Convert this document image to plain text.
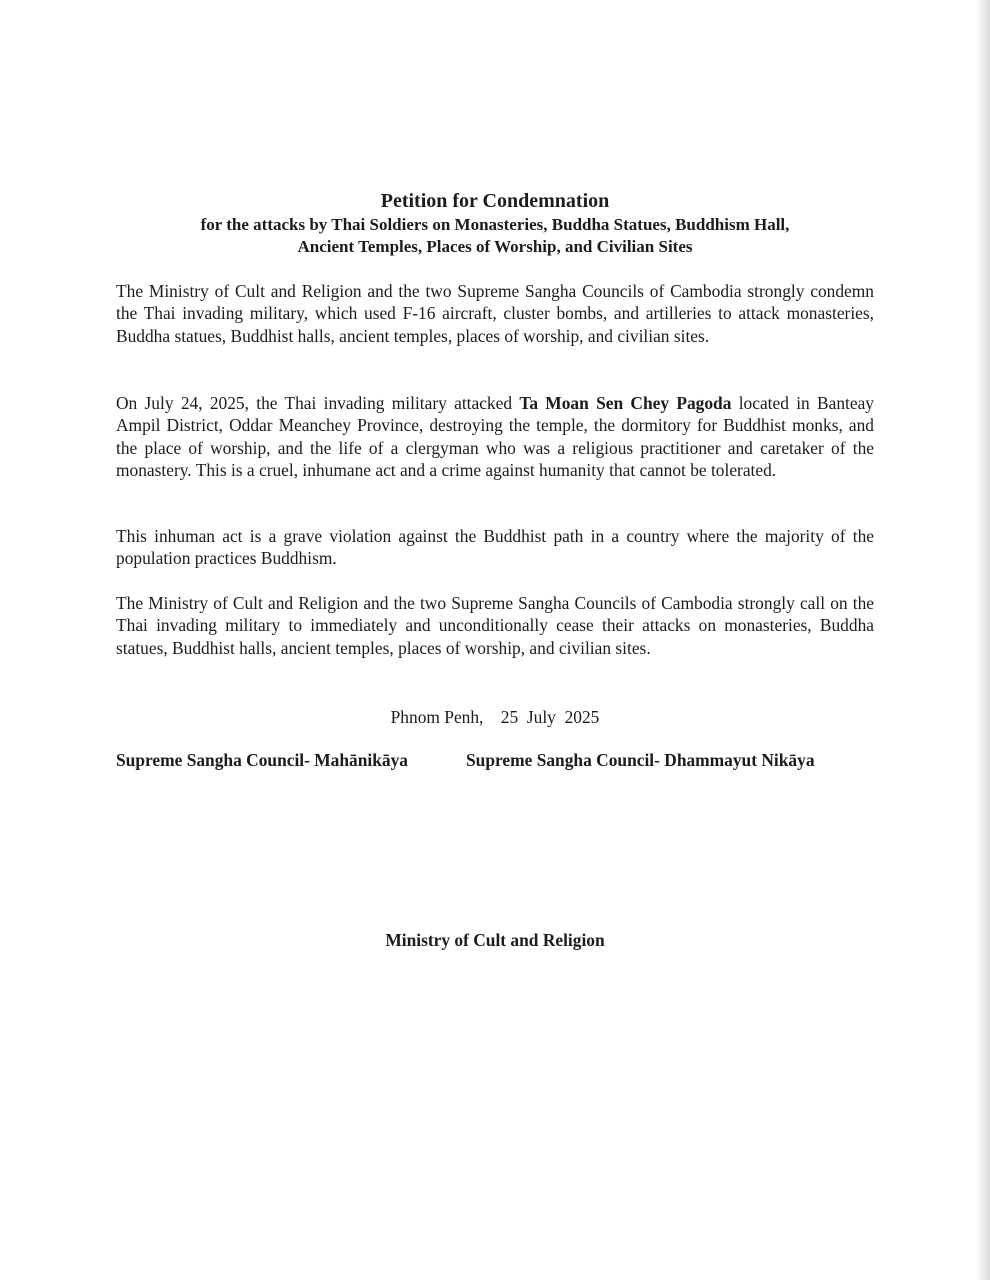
Petition for Condemnation

for the attacks by Thai Soldiers on Monasteries, Buddha Statues, Buddhism Hall,

Ancient Temples, Places of Worship, and Civilian Sites

The Ministry of Cult and Religion and the two Supreme Sangha Councils of Cambodia strongly condemn the Thai invading military, which used F-16 aircraft, cluster bombs, and artilleries to attack monasteries, Buddha statues, Buddhist halls, ancient temples, places of worship, and civilian sites.

On July 24, 2025, the Thai invading military attacked Ta Moan Sen Chey Pagoda located in Banteay Ampil District, Oddar Meanchey Province, destroying the temple, the dormitory for Buddhist monks, and the place of worship, and the life of a clergyman who was a religious practitioner and caretaker of the monastery. This is a cruel, inhumane act and a crime against humanity that cannot be tolerated.

This inhuman act is a grave violation against the Buddhist path in a country where the majority of the population practices Buddhism.

The Ministry of Cult and Religion and the two Supreme Sangha Councils of Cambodia strongly call on the Thai invading military to immediately and unconditionally cease their attacks on monasteries, Buddha statues, Buddhist halls, ancient temples, places of worship, and civilian sites.

Phnom Penh,    25  July  2025
Supreme Sangha Council- Mahānikāya	Supreme Sangha Council- Dhammayut Nikāya
Ministry of Cult and Religion
